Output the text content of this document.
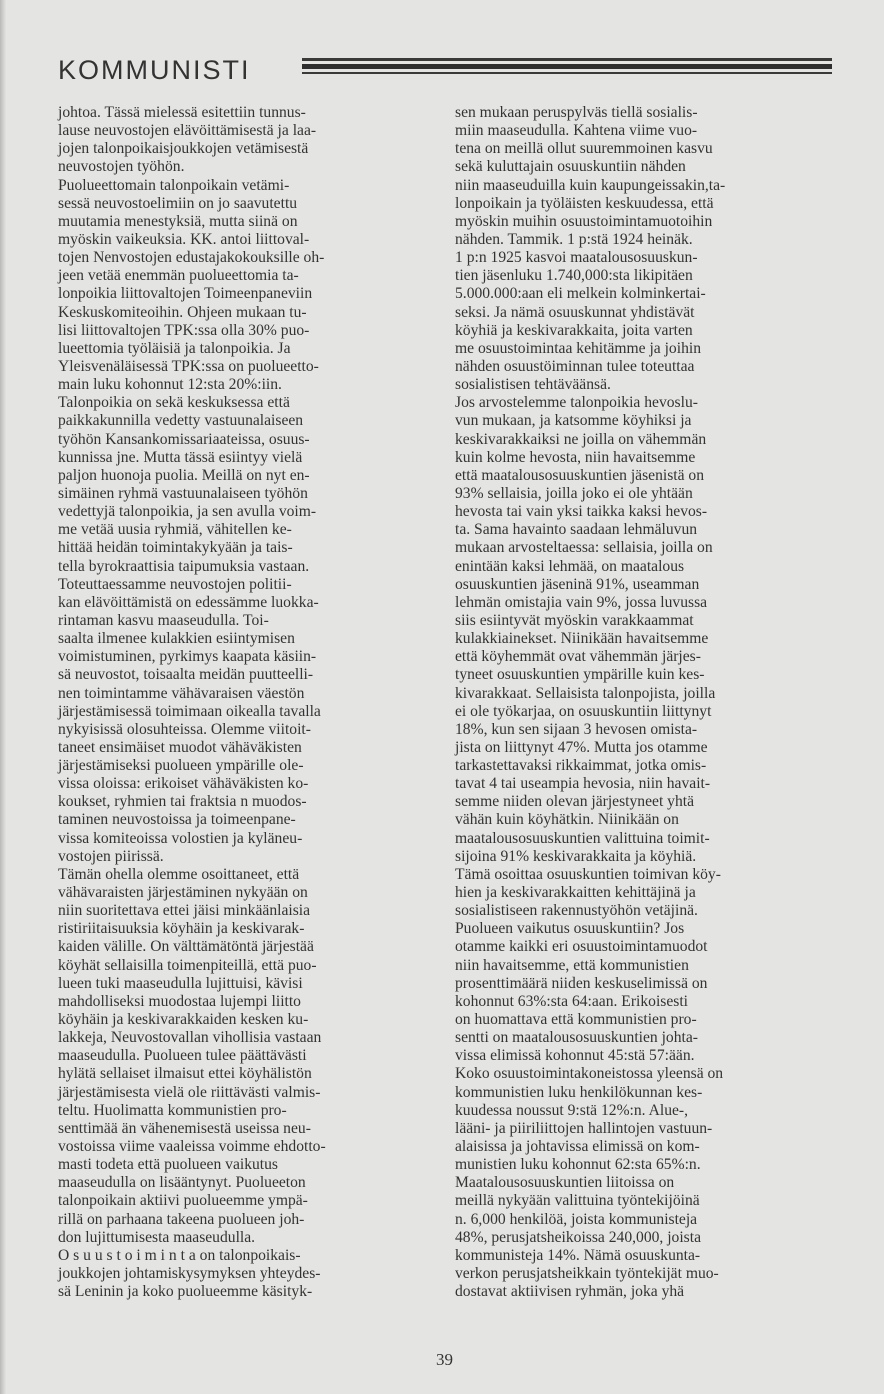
KOMMUNISTI
johtoa. Tässä mielessä esitettiin tunnus-
lause neuvostojen elävöittämisestä ja laa-
jojen talonpoikaisjoukkojen vetämisestä
neuvostojen työhön.
Puolueettomain talonpoikain vetämi-
sessä neuvostoelimiin on jo saavutettu
muutamia menestyksiä, mutta siinä on
myöskin vaikeuksia. KK. antoi liittoval-
tojen Nenvostojen edustajakokouksille oh-
jeen vetää enemmän puolueettomia ta-
lonpoikia liittovaltojen Toimeenpaneviin
Keskuskomiteoihin. Ohjeen mukaan tu-
lisi liittovaltojen TPK:ssa olla 30% puo-
lueettomia työläisiä ja talonpoikia. Ja
Yleisvenäläisessä TPK:ssa on puolueetto-
main luku kohonnut 12:sta 20%:iin.
Talonpoikia on sekä keskuksessa että
paikkakunnilla vedetty vastuunalaiseen
työhön Kansankomissariaateissa, osuus-
kunnissa jne. Mutta tässä esiintyy vielä
paljon huonoja puolia. Meillä on nyt en-
simäinen ryhmä vastuunalaiseen työhön
vedettyjä talonpoikia, ja sen avulla voim-
me vetää uusia ryhmiä, vähitellen ke-
hittää heidän toimintakykyään ja tais-
tella byrokraattisia taipumuksia vastaan.
Toteuttaessamme neuvostojen politii-
kan elävöittämistä on edessämme luokka-
rintaman kasvu maaseudulla. Toi-
saalta ilmenee kulakkien esiintymisen
voimistuminen, pyrkimys kaapata käsiin-
sä neuvostot, toisaalta meidän puutteelli-
nen toimintamme vähävaraisen väestön
järjestämisessä toimimaan oikealla tavalla
nykyisissä olosuhteissa. Olemme viitoit-
taneet ensimäiset muodot vähäväkisten
järjestämiseksi puolueen ympärille ole-
vissa oloissa: erikoiset vähäväkisten ko-
koukset, ryhmien tai fraktsia n muodos-
taminen neuvostoissa ja toimeenpane-
vissa komiteoissa volostien ja kyläneu-
vostojen piirissä.
Tämän ohella olemme osoittaneet, että
vähävaraisten järjestäminen nykyään on
niin suoritettava ettei jäisi minkäänlaisia
ristiriitaisuuksia köyhäin ja keskivarak-
kaiden välille. On välttämätöntä järjestää
köyhät sellaisilla toimenpiteillä, että puo-
lueen tuki maaseudulla lujittuisi, kävisi
mahdolliseksi muodostaa lujempi liitto
köyhäin ja keskivarakkaiden kesken ku-
lakkeja, Neuvostovallan vihollisia vastaan
maaseudulla. Puolueen tulee päättävästi
hylätä sellaiset ilmaisut ettei köyhälistön
järjestämisesta vielä ole riittävästi valmis-
teltu. Huolimatta kommunistien pro-
senttimää än vähenemisestä useissa neu-
vostoissa viime vaaleissa voimme ehdotto-
masti todeta että puolueen vaikutus
maaseudulla on lisääntynyt. Puolueeton
talonpoikain aktiivi puolueemme ympä-
rillä on parhaana takeena puolueen joh-
don lujittumisesta maaseudulla.
O s u u s t o i m i n t a on talonpoikais-
joukkojen johtamiskysymyksen yhteydes-
sä Leninin ja koko puolueemme käsityk-
sen mukaan peruspylväs tiellä sosialis-
miin maaseudulla. Kahtena viime vuo-
tena on meillä ollut suuremmoinen kasvu
sekä kuluttajain osuuskuntiin nähden
niin maaseuduilla kuin kaupungeissakin,ta-
lonpoikain ja työläisten keskuudessa, että
myöskin muihin osuustoimintamuotoihin
nähden. Tammik. 1 p:stä 1924 heinäk.
1 p:n 1925 kasvoi maatalousosuuskun-
tien jäsenluku 1.740,000:sta likipitäen
5.000.000:aan eli melkein kolminkertai-
seksi. Ja nämä osuuskunnat yhdistävät
köyhiä ja keskivarakkaita, joita varten
me osuustoimintaa kehitämme ja joihin
nähden osuustöiminnan tulee toteuttaa
sosialistisen tehtäväänsä.
Jos arvostelemme talonpoikia hevoslu-
vun mukaan, ja katsomme köyhiksi ja
keskivarakkaiksi ne joilla on vähemmän
kuin kolme hevosta, niin havaitsemme
että maatalousosuuskuntien jäsenistä on
93% sellaisia, joilla joko ei ole yhtään
hevosta tai vain yksi taikka kaksi hevos-
ta. Sama havainto saadaan lehmäluvun
mukaan arvosteltaessa: sellaisia, joilla on
enintään kaksi lehmää, on maatalous
osuuskuntien jäseninä 91%, useamman
lehmän omistajia vain 9%, jossa luvussa
siis esiintyvät myöskin varakkaammat
kulakkiainekset. Niinikään havaitsemme
että köyhemmät ovat vähemmän järjes-
tyneet osuuskuntien ympärille kuin kes-
kivarakkaat. Sellaisista talonpojista, joilla
ei ole työkarjaa, on osuuskuntiin liittynyt
18%, kun sen sijaan 3 hevosen omista-
jista on liittynyt 47%. Mutta jos otamme
tarkastettavaksi rikkaimmat, jotka omis-
tavat 4 tai useampia hevosia, niin havait-
semme niiden olevan järjestyneet yhtä
vähän kuin köyhätkin. Niinikään on
maatalousosuuskuntien valittuina toimit-
sijoina 91% keskivarakkaita ja köyhiä.
Tämä osoittaa osuuskuntien toimivan köy-
hien ja keskivarakkaitten kehittäjinä ja
sosialistiseen rakennustyöhön vetäjinä.
Puolueen vaikutus osuuskuntiin? Jos
otamme kaikki eri osuustoimintamuodot
niin havaitsemme, että kommunistien
prosenttimäärä niiden keskuselimissä on
kohonnut 63%:sta 64:aan. Erikoisesti
on huomattava että kommunistien pro-
sentti on maatalousosuuskuntien johta-
vissa elimissä kohonnut 45:stä 57:ään.
Koko osuustoimintakoneistossa yleensä on
kommunistien luku henkilökunnan kes-
kuudessa noussut 9:stä 12%:n. Alue-,
lääni- ja piiriliittojen hallintojen vastuun-
alaisissa ja johtavissa elimissä on kom-
munistien luku kohonnut 62:sta 65%:n.
Maatalousosuuskuntien liitoissa on
meillä nykyään valittuina työntekijöinä
n. 6,000 henkilöä, joista kommunisteja
48%, perusjatsheikoissa 240,000, joista
kommunisteja 14%. Nämä osuuskunta-
verkon perusjatsheikkain työntekijät muo-
dostavat aktiivisen ryhmän, joka yhä
39
